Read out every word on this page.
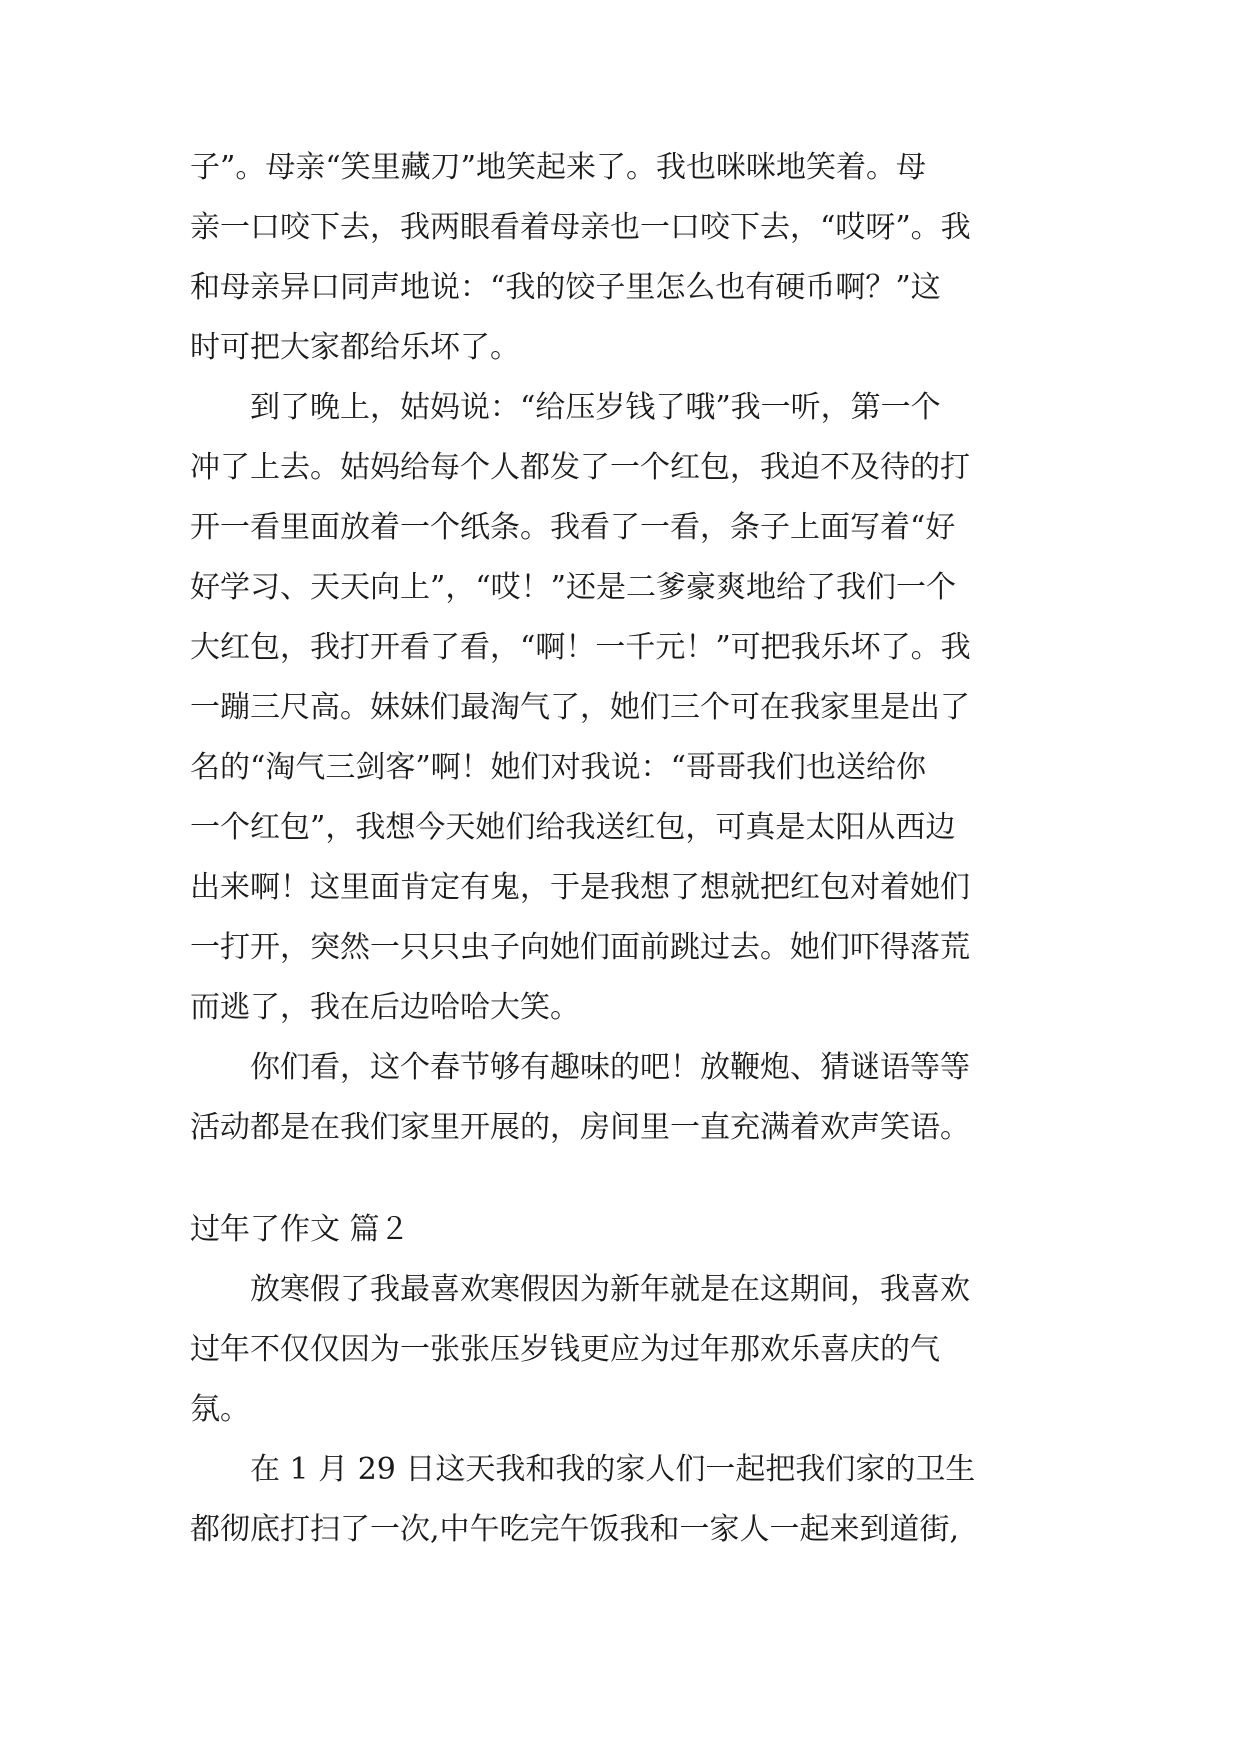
子”。母亲“笑里藏刀”地笑起来了。我也咪咪地笑着。母
亲一口咬下去，我两眼看着母亲也一口咬下去，“哎呀”。我
和母亲异口同声地说：“我的饺子里怎么也有硬币啊？”这
时可把大家都给乐坏了。
　　到了晚上，姑妈说：“给压岁钱了哦”我一听，第一个
冲了上去。姑妈给每个人都发了一个红包，我迫不及待的打
开一看里面放着一个纸条。我看了一看，条子上面写着“好
好学习、天天向上”，“哎！”还是二爹豪爽地给了我们一个
大红包，我打开看了看，“啊！一千元！”可把我乐坏了。我
一蹦三尺高。妹妹们最淘气了，她们三个可在我家里是出了
名的“淘气三剑客”啊！她们对我说：“哥哥我们也送给你
一个红包”，我想今天她们给我送红包，可真是太阳从西边
出来啊！这里面肯定有鬼，于是我想了想就把红包对着她们
一打开，突然一只只虫子向她们面前跳过去。她们吓得落荒
而逃了，我在后边哈哈大笑。
　　你们看，这个春节够有趣味的吧！放鞭炮、猜谜语等等
活动都是在我们家里开展的，房间里一直充满着欢声笑语。
过年了作文 篇２
　　放寒假了我最喜欢寒假因为新年就是在这期间，我喜欢
过年不仅仅因为一张张压岁钱更应为过年那欢乐喜庆的气
氛。
　　在 1 月 29 日这天我和我的家人们一起把我们家的卫生
都彻底打扫了一次,中午吃完午饭我和一家人一起来到道街,
